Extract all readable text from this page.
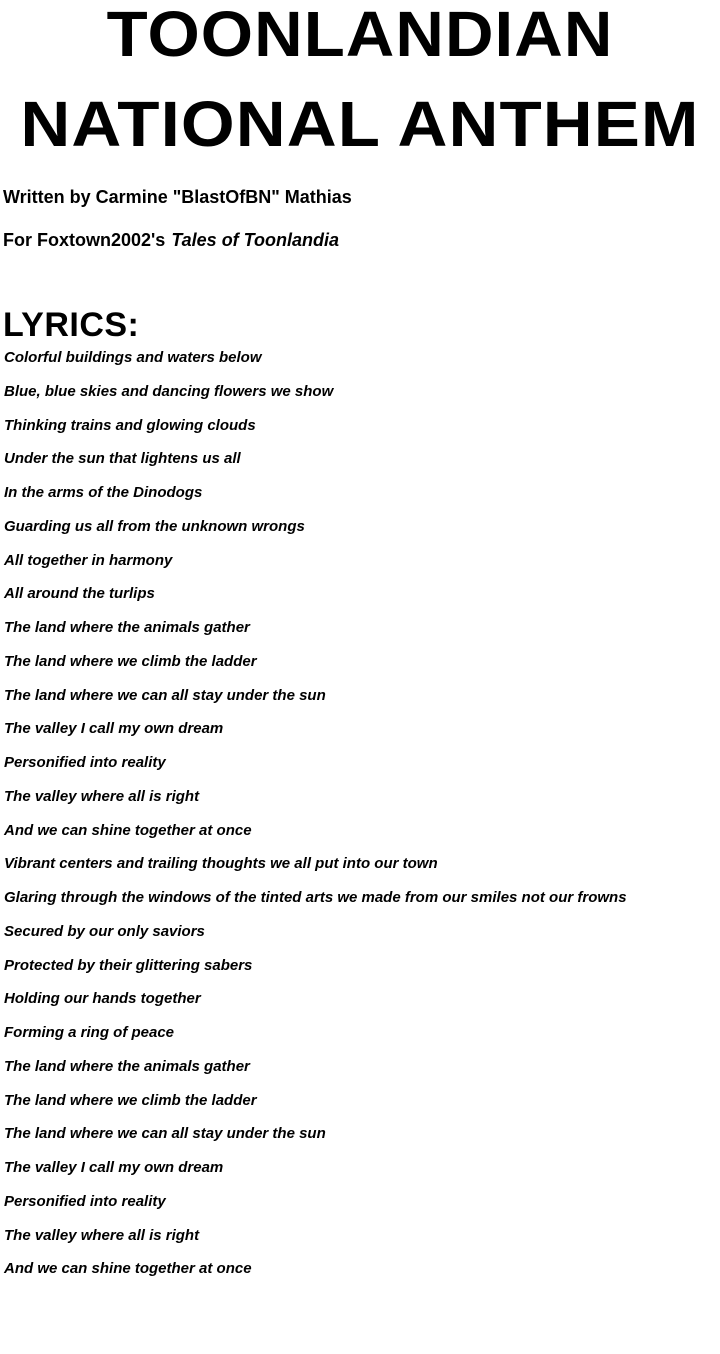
TOONLANDIAN
NATIONAL ANTHEM
Written by Carmine "BlastOfBN" Mathias
For Foxtown2002's Tales of Toonlandia
LYRICS:
Colorful buildings and waters below
Blue, blue skies and dancing flowers we show
Thinking trains and glowing clouds
Under the sun that lightens us all
In the arms of the Dinodogs
Guarding us all from the unknown wrongs
All together in harmony
All around the turlips
The land where the animals gather
The land where we climb the ladder
The land where we can all stay under the sun
The valley I call my own dream
Personified into reality
The valley where all is right
And we can shine together at once
Vibrant centers and trailing thoughts we all put into our town
Glaring through the windows of the tinted arts we made from our smiles not our frowns
Secured by our only saviors
Protected by their glittering sabers
Holding our hands together
Forming a ring of peace
The land where the animals gather
The land where we climb the ladder
The land where we can all stay under the sun
The valley I call my own dream
Personified into reality
The valley where all is right
And we can shine together at once
